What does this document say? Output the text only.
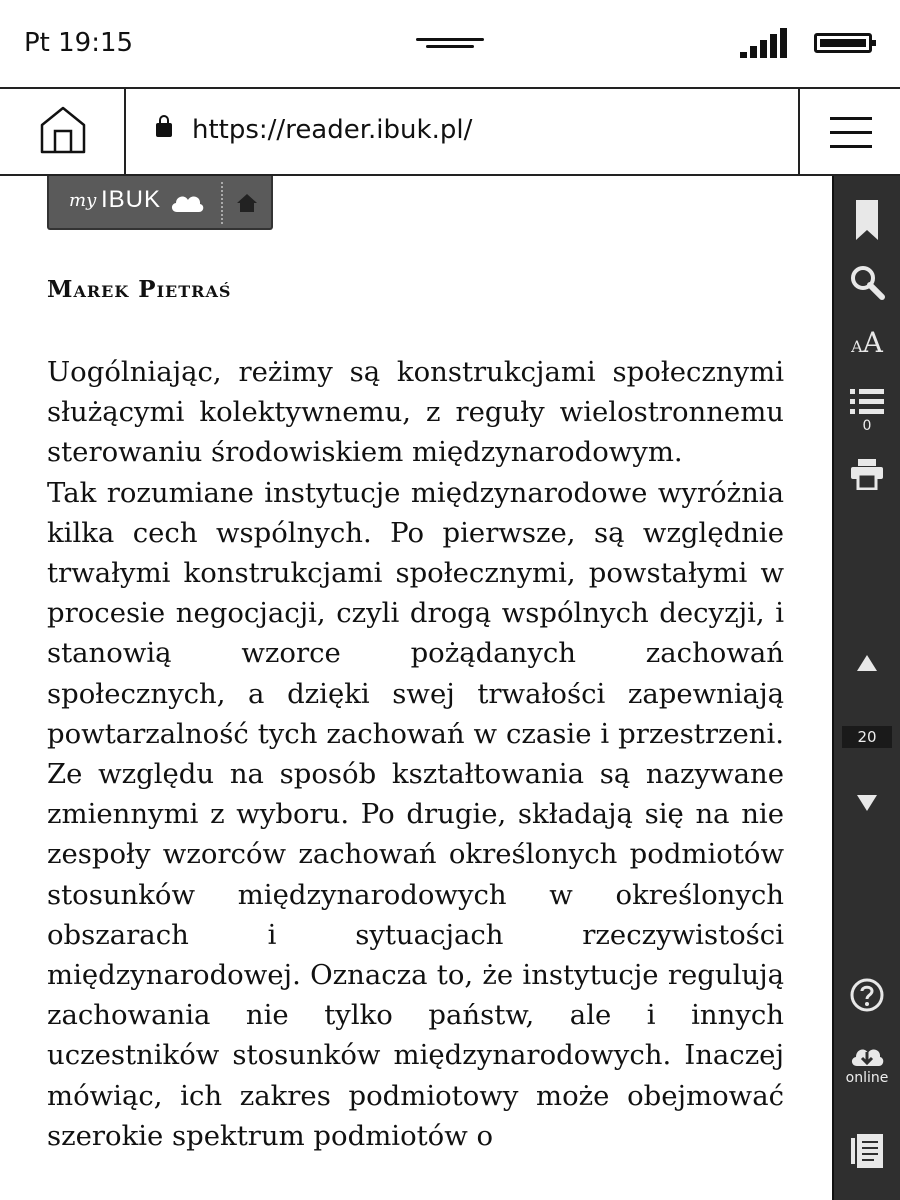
Pt 19:15
https://reader.ibuk.pl/
my IBUK
Marek Pietraś

Uogólniając, reżimy są konstrukcjami społecznymi służącymi kolektywnemu, z reguły wielostronnemu sterowaniu środowiskiem międzynarodowym.

Tak rozumiane instytucje międzynarodowe wyróżnia kilka cech wspólnych. Po pierwsze, są względnie trwałymi konstrukcjami społecznymi, powstałymi w procesie negocjacji, czyli drogą wspólnych decyzji, i stanowią wzorce pożądanych zachowań społecznych, a dzięki swej trwałości zapewniają powtarzalność tych zachowań w czasie i przestrzeni. Ze względu na sposób kształtowania są nazywane zmiennymi z wyboru. Po drugie, składają się na nie zespoły wzorców zachowań określonych podmiotów stosunków międzynarodowych w określonych obszarach i sytuacjach rzeczywistości międzynarodowej. Oznacza to, że instytucje regulują zachowania nie tylko państw, ale i innych uczestników stosunków międzynarodowych. Inaczej mówiąc, ich zakres podmiotowy może obejmować szerokie spektrum podmiotów o

AA
0
20
online
